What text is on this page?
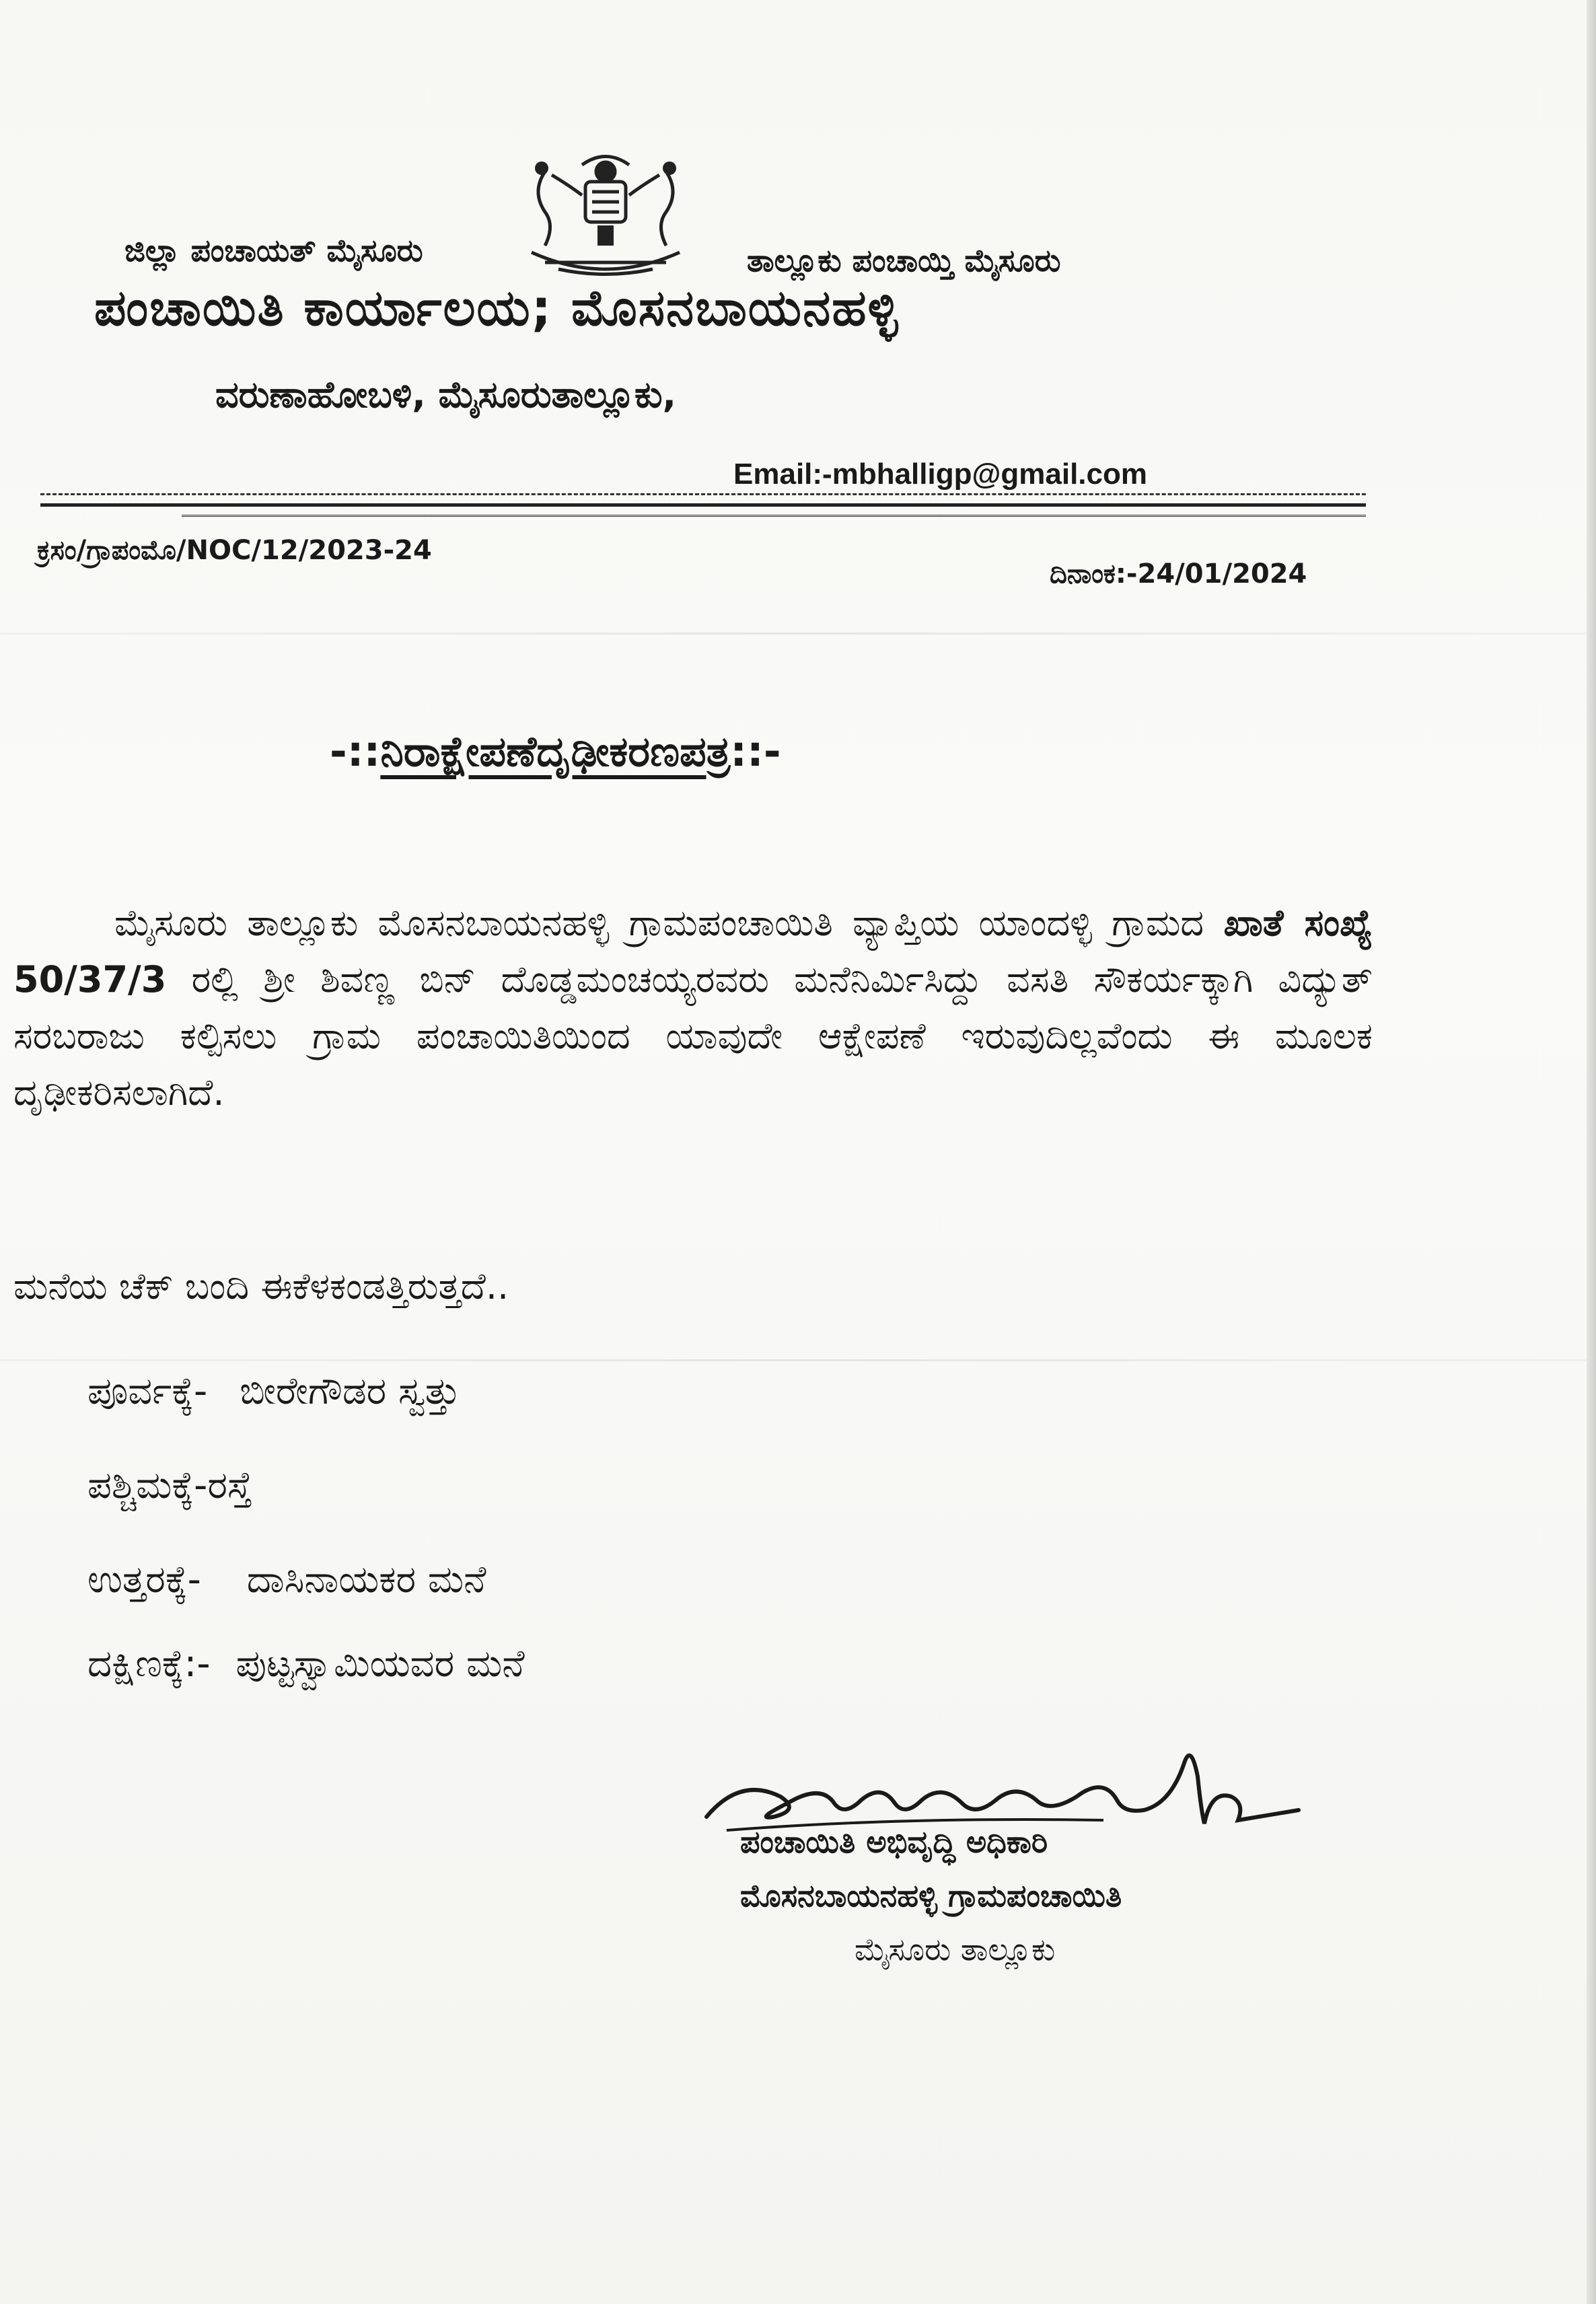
ಜಿಲ್ಲಾ ಪಂಚಾಯತ್ ಮೈಸೂರು	ತಾಲ್ಲೂಕು ಪಂಚಾಯ್ತಿ ಮೈಸೂರು
ಪಂಚಾಯಿತಿ ಕಾರ್ಯಾಲಯ; ಮೊಸನಬಾಯನಹಳ್ಳಿ
ವರುಣಾಹೋಬಳಿ, ಮೈಸೂರುತಾಲ್ಲೂಕು,
Email:-mbhalligp@gmail.com
ಕ್ರಸಂ/ಗ್ರಾಪಂಮೊ/NOC/12/2023-24
ದಿನಾಂಕ:-24/01/2024
-::ನಿರಾಕ್ಷೇಪಣೆದೃಢೀಕರಣಪತ್ರ::-
ಮೈಸೂರು ತಾಲ್ಲೂಕು ಮೊಸನಬಾಯನಹಳ್ಳಿ ಗ್ರಾಮಪಂಚಾಯಿತಿ ವ್ಯಾಪ್ತಿಯ ಯಾಂದಳ್ಳಿ ಗ್ರಾಮದ ಖಾತೆ ಸಂಖ್ಯೆ 50/37/3 ರಲ್ಲಿ ಶ್ರೀ ಶಿವಣ್ಣ ಬಿನ್ ದೊಡ್ಡಮಂಚಯ್ಯರವರು ಮನೆನಿರ್ಮಿಸಿದ್ದು ವಸತಿ ಸೌಕರ್ಯಕ್ಕಾಗಿ ವಿದ್ಯುತ್ ಸರಬರಾಜು ಕಲ್ಪಿಸಲು ಗ್ರಾಮ ಪಂಚಾಯಿತಿಯಿಂದ ಯಾವುದೇ ಆಕ್ಷೇಪಣೆ ಇರುವುದಿಲ್ಲವೆಂದು ಈ ಮೂಲಕ ದೃಢೀಕರಿಸಲಾಗಿದೆ.
ಮನೆಯ ಚೆಕ್ ಬಂದಿ ಈಕೆಳಕಂಡತ್ತಿರುತ್ತದೆ..
ಪೂರ್ವಕ್ಕೆ- ಬೀರೇಗೌಡರ ಸ್ವತ್ತು
ಪಶ್ಚಿಮಕ್ಕೆ-ರಸ್ತೆ
ಉತ್ತರಕ್ಕೆ- ದಾಸಿನಾಯಕರ ಮನೆ
ದಕ್ಷಿಣಕ್ಕೆ:- ಪುಟ್ಟಸ್ವಾಮಿಯವರ ಮನೆ
ಪಂಚಾಯಿತಿ ಅಭಿವೃದ್ಧಿ ಅಧಿಕಾರಿ
ಮೊಸನಬಾಯನಹಳ್ಳಿ ಗ್ರಾಮಪಂಚಾಯಿತಿ
ಮೈಸೂರು ತಾಲ್ಲೂಕು
